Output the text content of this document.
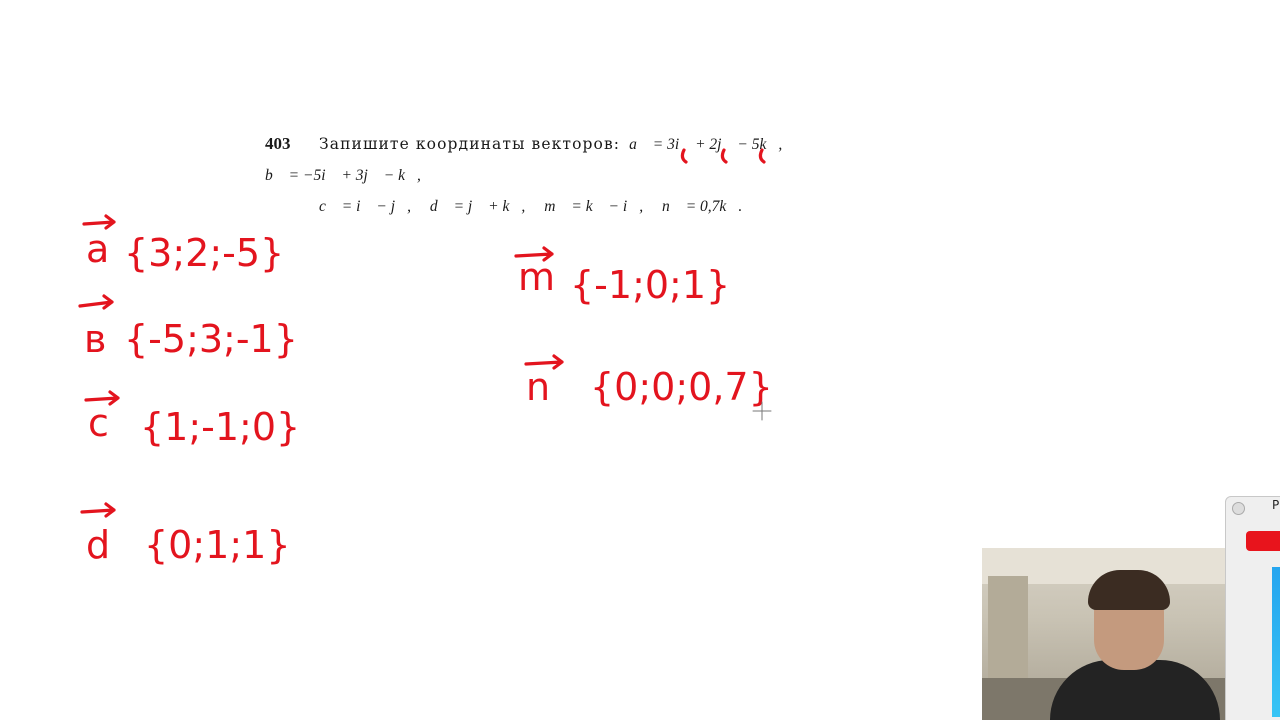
403 Запишите координаты векторов: a⃗ = 3i⃗ + 2j⃗ − 5k⃗, b⃗ = −5i⃗ + 3j⃗ − k⃗,
c⃗ = i⃗ − j⃗, d⃗ = j⃗ + k⃗, m⃗ = k⃗ − i⃗, n⃗ = 0,7k⃗.
a {3;2;-5}
в {-5;3;-1}
c {1;-1;0}
d {0;1;1}
m {-1;0;1}
n {0;0;0,7}
P
